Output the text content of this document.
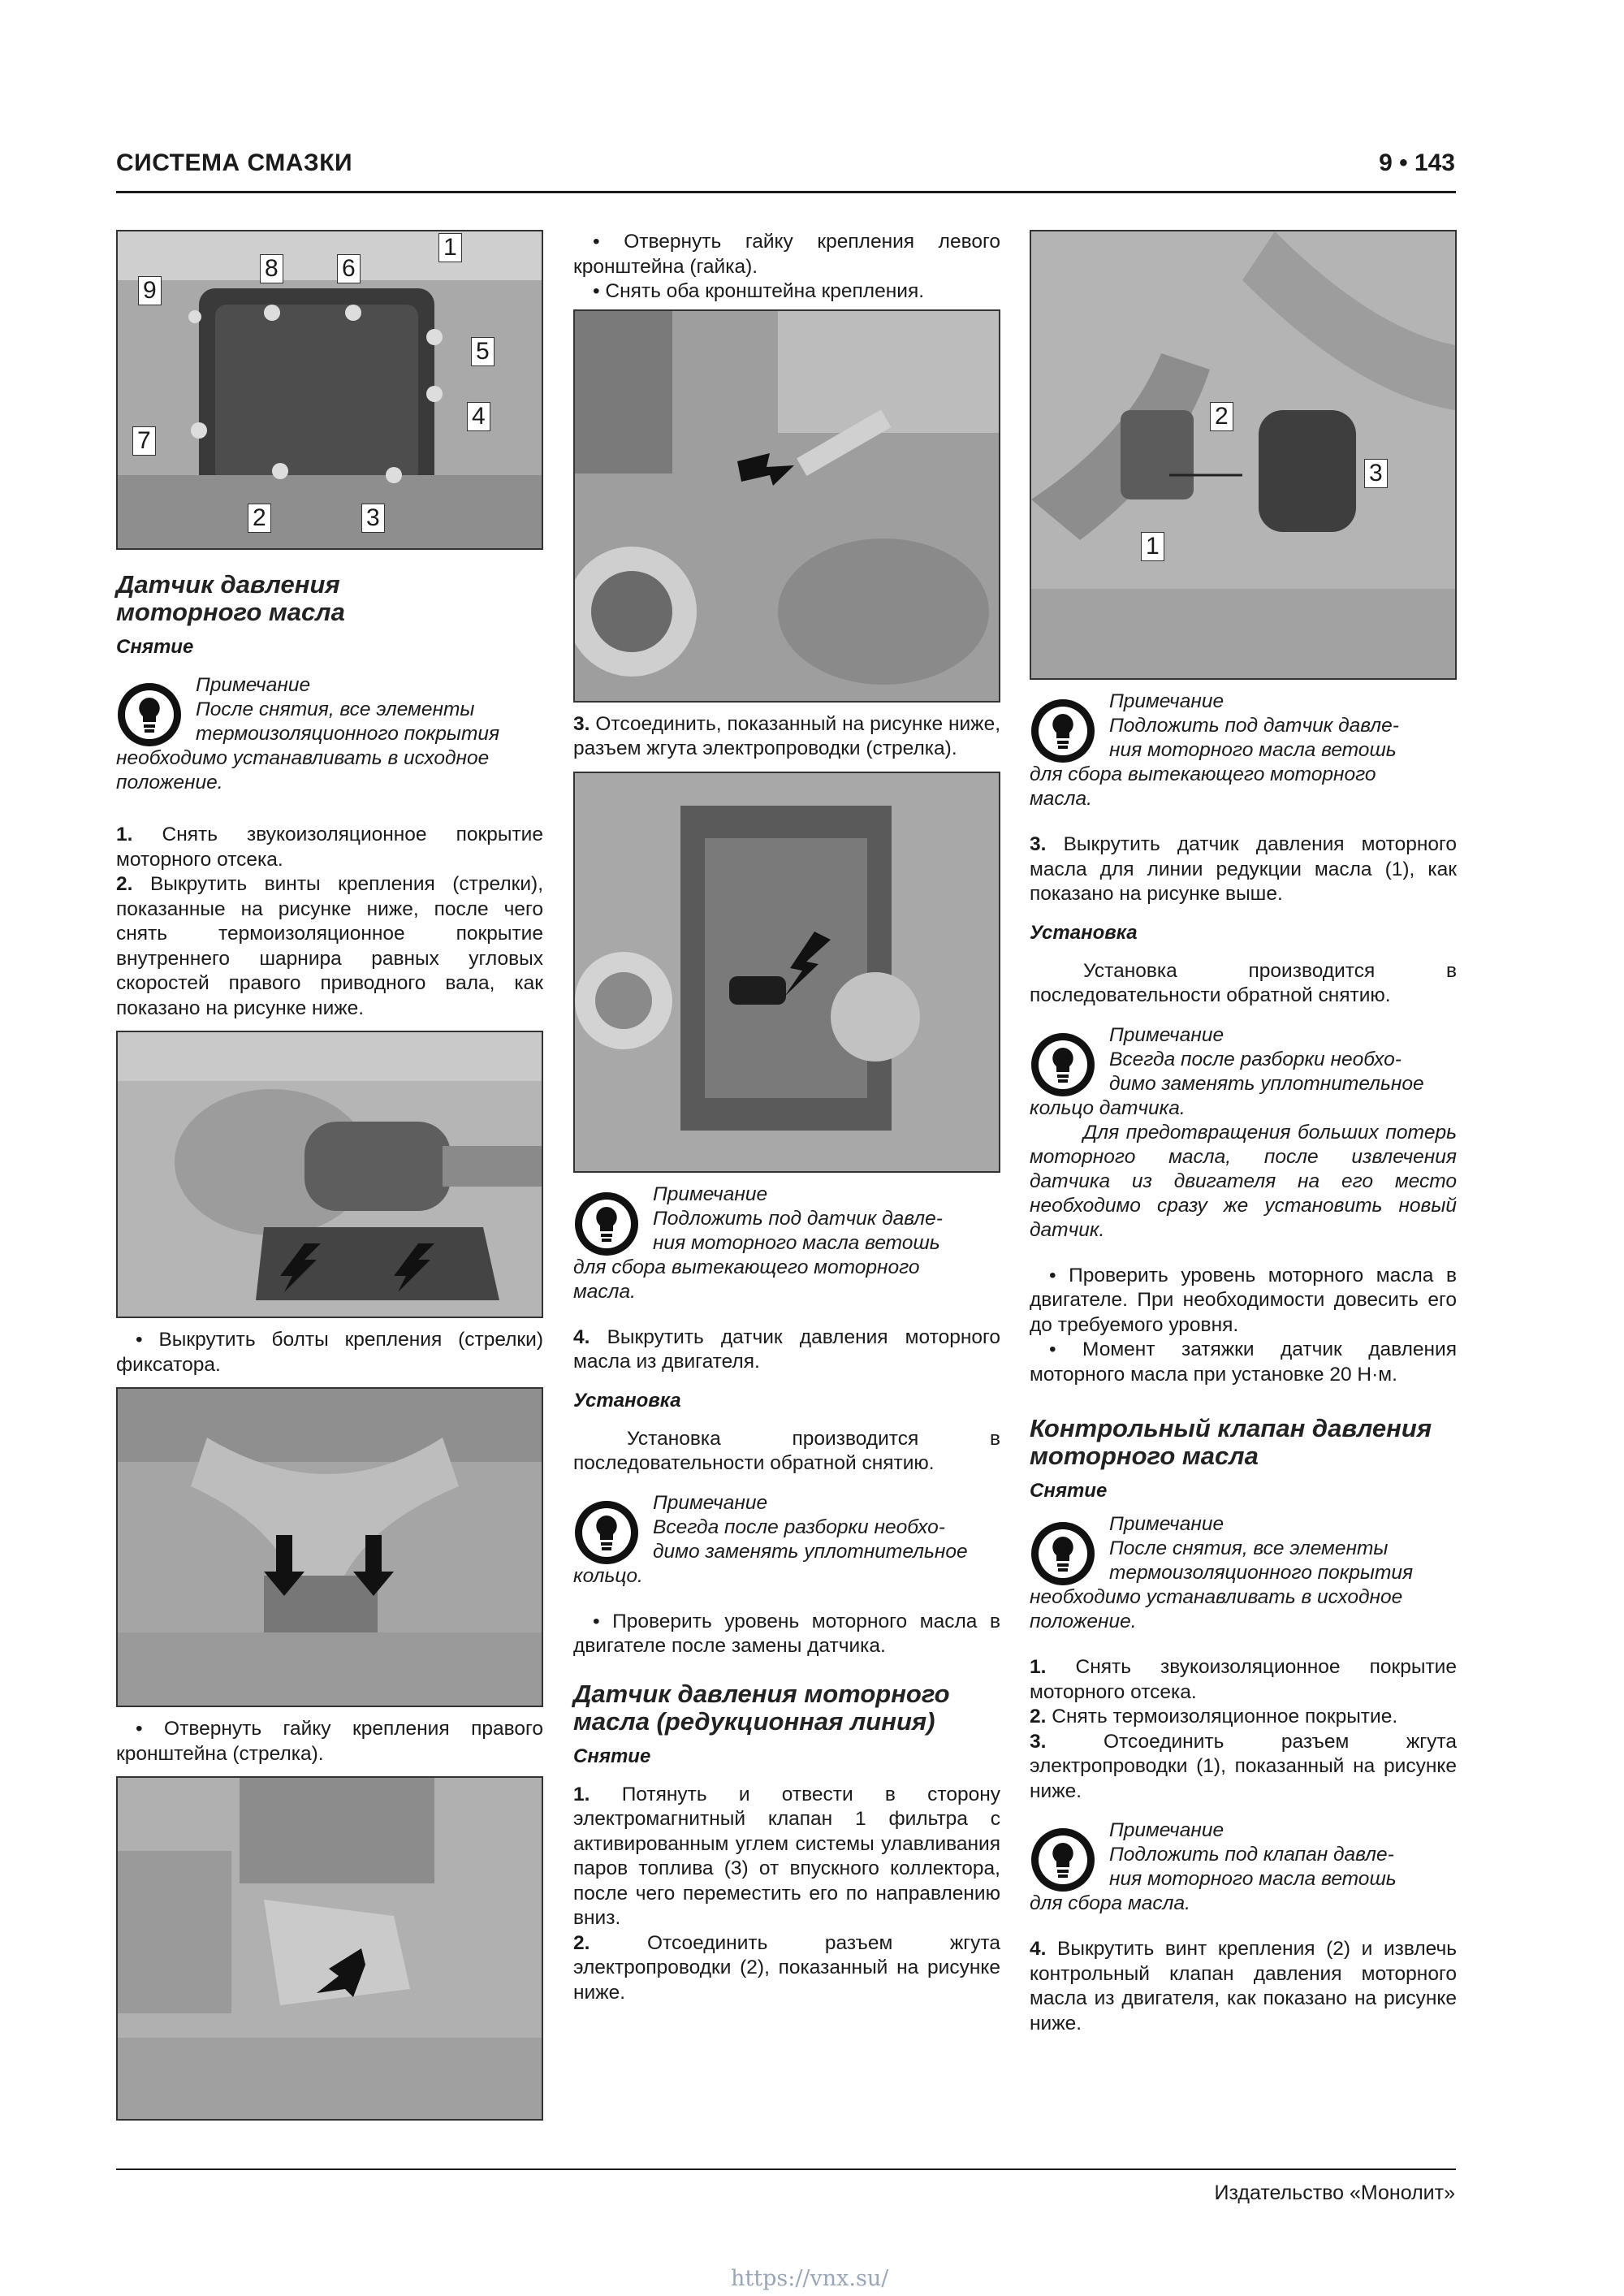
СИСТЕМА СМАЗКИ	9 • 143
1
2	3
4
5
6
7
8
9
Датчик давления моторного масла
Снятие
Примечание

После снятия, все элементы

термоизоляционного покрытия

необходимо устанавливать в исходное

положение.

1. Снять звукоизоляционное покрытие моторного отсека.

2. Выкрутить винты крепления (стрелки), показанные на рисунке ниже, после чего снять термоизоляционное покрытие внутреннего шарнира равных угловых скоростей правого приводного вала, как показано на рисунке ниже.

• Выкрутить болты крепления (стрелки) фиксатора.

• Отвернуть гайку крепления правого кронштейна (стрелка).

• Отвернуть гайку крепления левого кронштейна (гайка).

• Снять оба кронштейна крепления.

3. Отсоединить, показанный на рисунке ниже, разъем жгута электропроводки (стрелка).

Примечание

Подложить под датчик давле-

ния моторного масла ветошь

для сбора вытекающего моторного

масла.

4. Выкрутить датчик давления моторного масла из двигателя.

Установка

Установка производится в последовательности обратной снятию.

Примечание

Всегда после разборки необхо-

димо заменять уплотнительное

кольцо.

• Проверить уровень моторного масла в двигателе после замены датчика.

Датчик давления моторного масла (редукционная линия)
Снятие

1. Потянуть и отвести в сторону электромагнитный клапан 1 фильтра с активированным углем системы улавливания паров топлива (3) от впускного коллектора, после чего переместить его по направлению вниз.

2.	Отсоединить разъем жгута электропроводки (2), показанный на рисунке ниже.

1
2
3
Примечание

Подложить под датчик давле-

ния моторного масла ветошь

для сбора вытекающего моторного

масла.

3. Выкрутить датчик давления моторного масла для линии редукции масла (1), как показано на рисунке выше.

Установка

Установка производится в последовательности обратной снятию.

Примечание

Всегда после разборки необхо-

димо заменять уплотнительное

кольцо датчика.

Для предотвращения больших потерь моторного масла, после извлечения датчика из двигателя на его место необходимо сразу же установить новый датчик.

• Проверить уровень моторного масла в двигателе. При необходимости довесить его до требуемого уровня.

• Момент затяжки датчик давления моторного масла при установке 20 Н·м.

Контрольный клапан давления моторного масла
Снятие
Примечание

После снятия, все элементы

термоизоляционного покрытия

необходимо устанавливать в исходное

положение.

1. Снять звукоизоляционное покрытие моторного отсека.

2. Снять термоизоляционное покрытие.

3.	Отсоединить разъем жгута электропроводки (1), показанный на рисунке ниже.

Примечание

Подложить под клапан давле-

ния моторного масла ветошь

для сбора масла.

4. Выкрутить винт крепления (2) и извлечь контрольный клапан давления моторного масла из двигателя, как показано на рисунке ниже.

Издательство «Монолит»
https://vnx.su/
